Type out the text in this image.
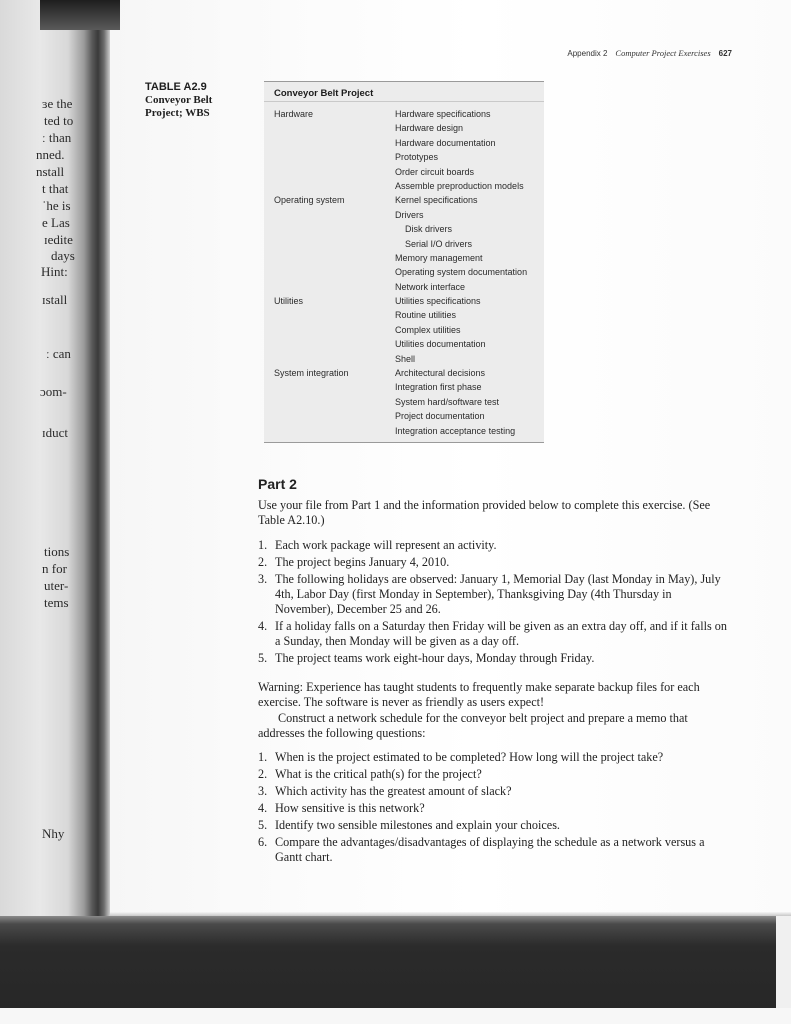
ɜe the
ted to
ː than
nned.
nstall
t that
ˈhe is
e Las
ɪedite
days
Hint:
ɪstall
ː can
ɔom-
ɪduct
tions
n for
uter-
tems
Nhy
Appendix 2 Computer Project Exercises 627
TABLE A2.9
Conveyor Belt
Project; WBS
Conveyor Belt Project
Hardware
Operating system
Utilities
System integration
Hardware specifications
Hardware design
Hardware documentation
Prototypes
Order circuit boards
Assemble preproduction models
Kernel specifications
Drivers
Disk drivers
Serial I/O drivers
Memory management
Operating system documentation
Network interface
Utilities specifications
Routine utilities
Complex utilities
Utilities documentation
Shell
Architectural decisions
Integration first phase
System hard/software test
Project documentation
Integration acceptance testing
Part 2
Use your file from Part 1 and the information provided below to complete this exercise. (See Table A2.10.)
1. Each work package will represent an activity.
2. The project begins January 4, 2010.
3. The following holidays are observed: January 1, Memorial Day (last Monday in May), July 4th, Labor Day (first Monday in September), Thanksgiving Day (4th Thursday in November), December 25 and 26.
4. If a holiday falls on a Saturday then Friday will be given as an extra day off, and if it falls on a Sunday, then Monday will be given as a day off.
5. The project teams work eight-hour days, Monday through Friday.
Warning: Experience has taught students to frequently make separate backup files for each exercise. The software is never as friendly as users expect!
Construct a network schedule for the conveyor belt project and prepare a memo that addresses the following questions:
1. When is the project estimated to be completed? How long will the project take?
2. What is the critical path(s) for the project?
3. Which activity has the greatest amount of slack?
4. How sensitive is this network?
5. Identify two sensible milestones and explain your choices.
6. Compare the advantages/disadvantages of displaying the schedule as a network versus a Gantt chart.
